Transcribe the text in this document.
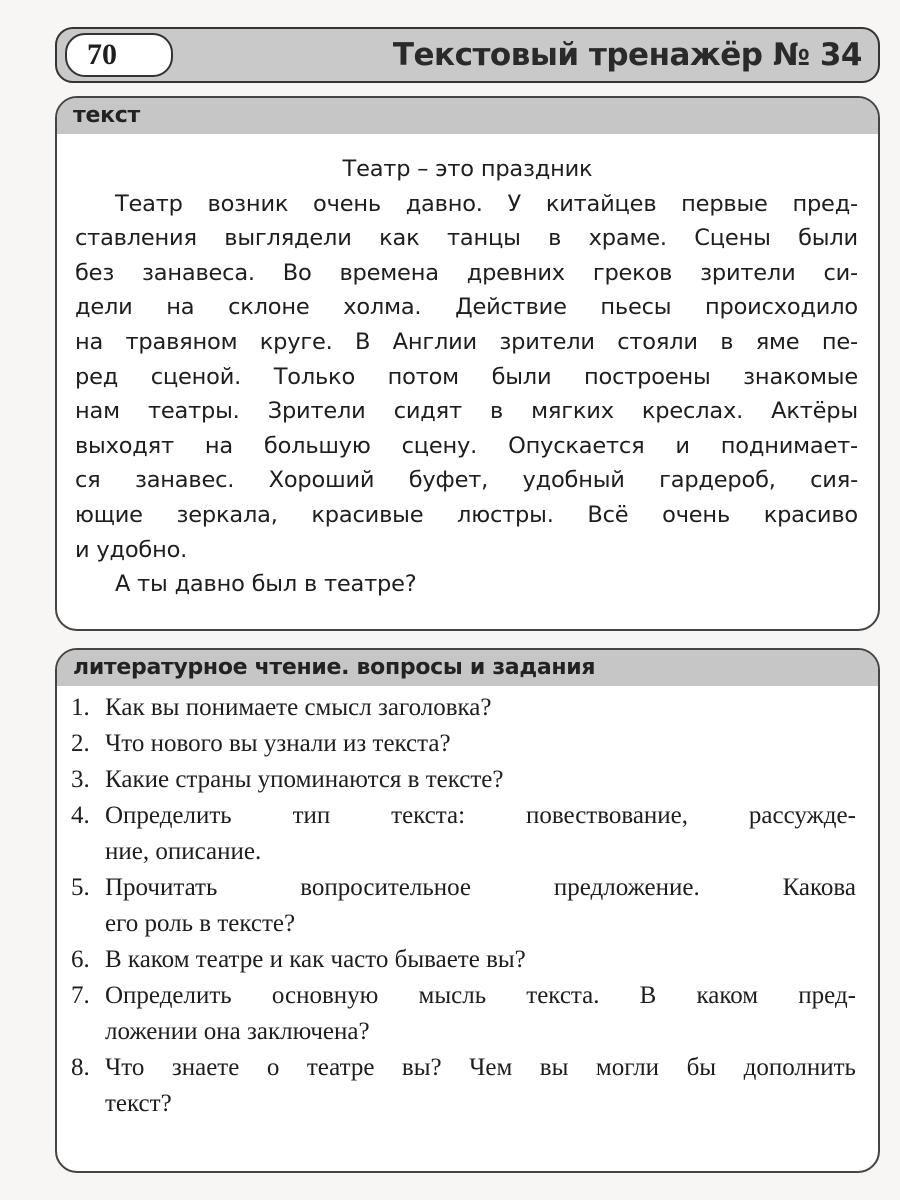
70	Текстовый тренажёр № 34
текст
Театр – это праздник
Театр возник очень давно. У китайцев первые пред-
ставления выглядели как танцы в храме. Сцены были
без занавеса. Во времена древних греков зрители си-
дели на склоне холма. Действие пьесы происходило
на травяном круге. В Англии зрители стояли в яме пе-
ред сценой. Только потом были построены знакомые
нам театры. Зрители сидят в мягких креслах. Актёры
выходят на большую сцену. Опускается и поднимает-
ся занавес. Хороший буфет, удобный гардероб, сия-
ющие зеркала, красивые люстры. Всё очень красиво
и удобно.
А ты давно был в театре?
литературное чтение. вопросы и задания
1. Как вы понимаете смысл заголовка?
2. Что нового вы узнали из текста?
3. Какие страны упоминаются в тексте?
4. Определить тип текста: повествование, рассужде-
ние, описание.
5. Прочитать	вопросительное	предложение.	Какова
его роль в тексте?
6. В каком театре и как часто бываете вы?
7. Определить основную мысль текста. В каком пред-
ложении она заключена?
8. Что знаете о театре вы? Чем вы могли бы дополнить
текст?
